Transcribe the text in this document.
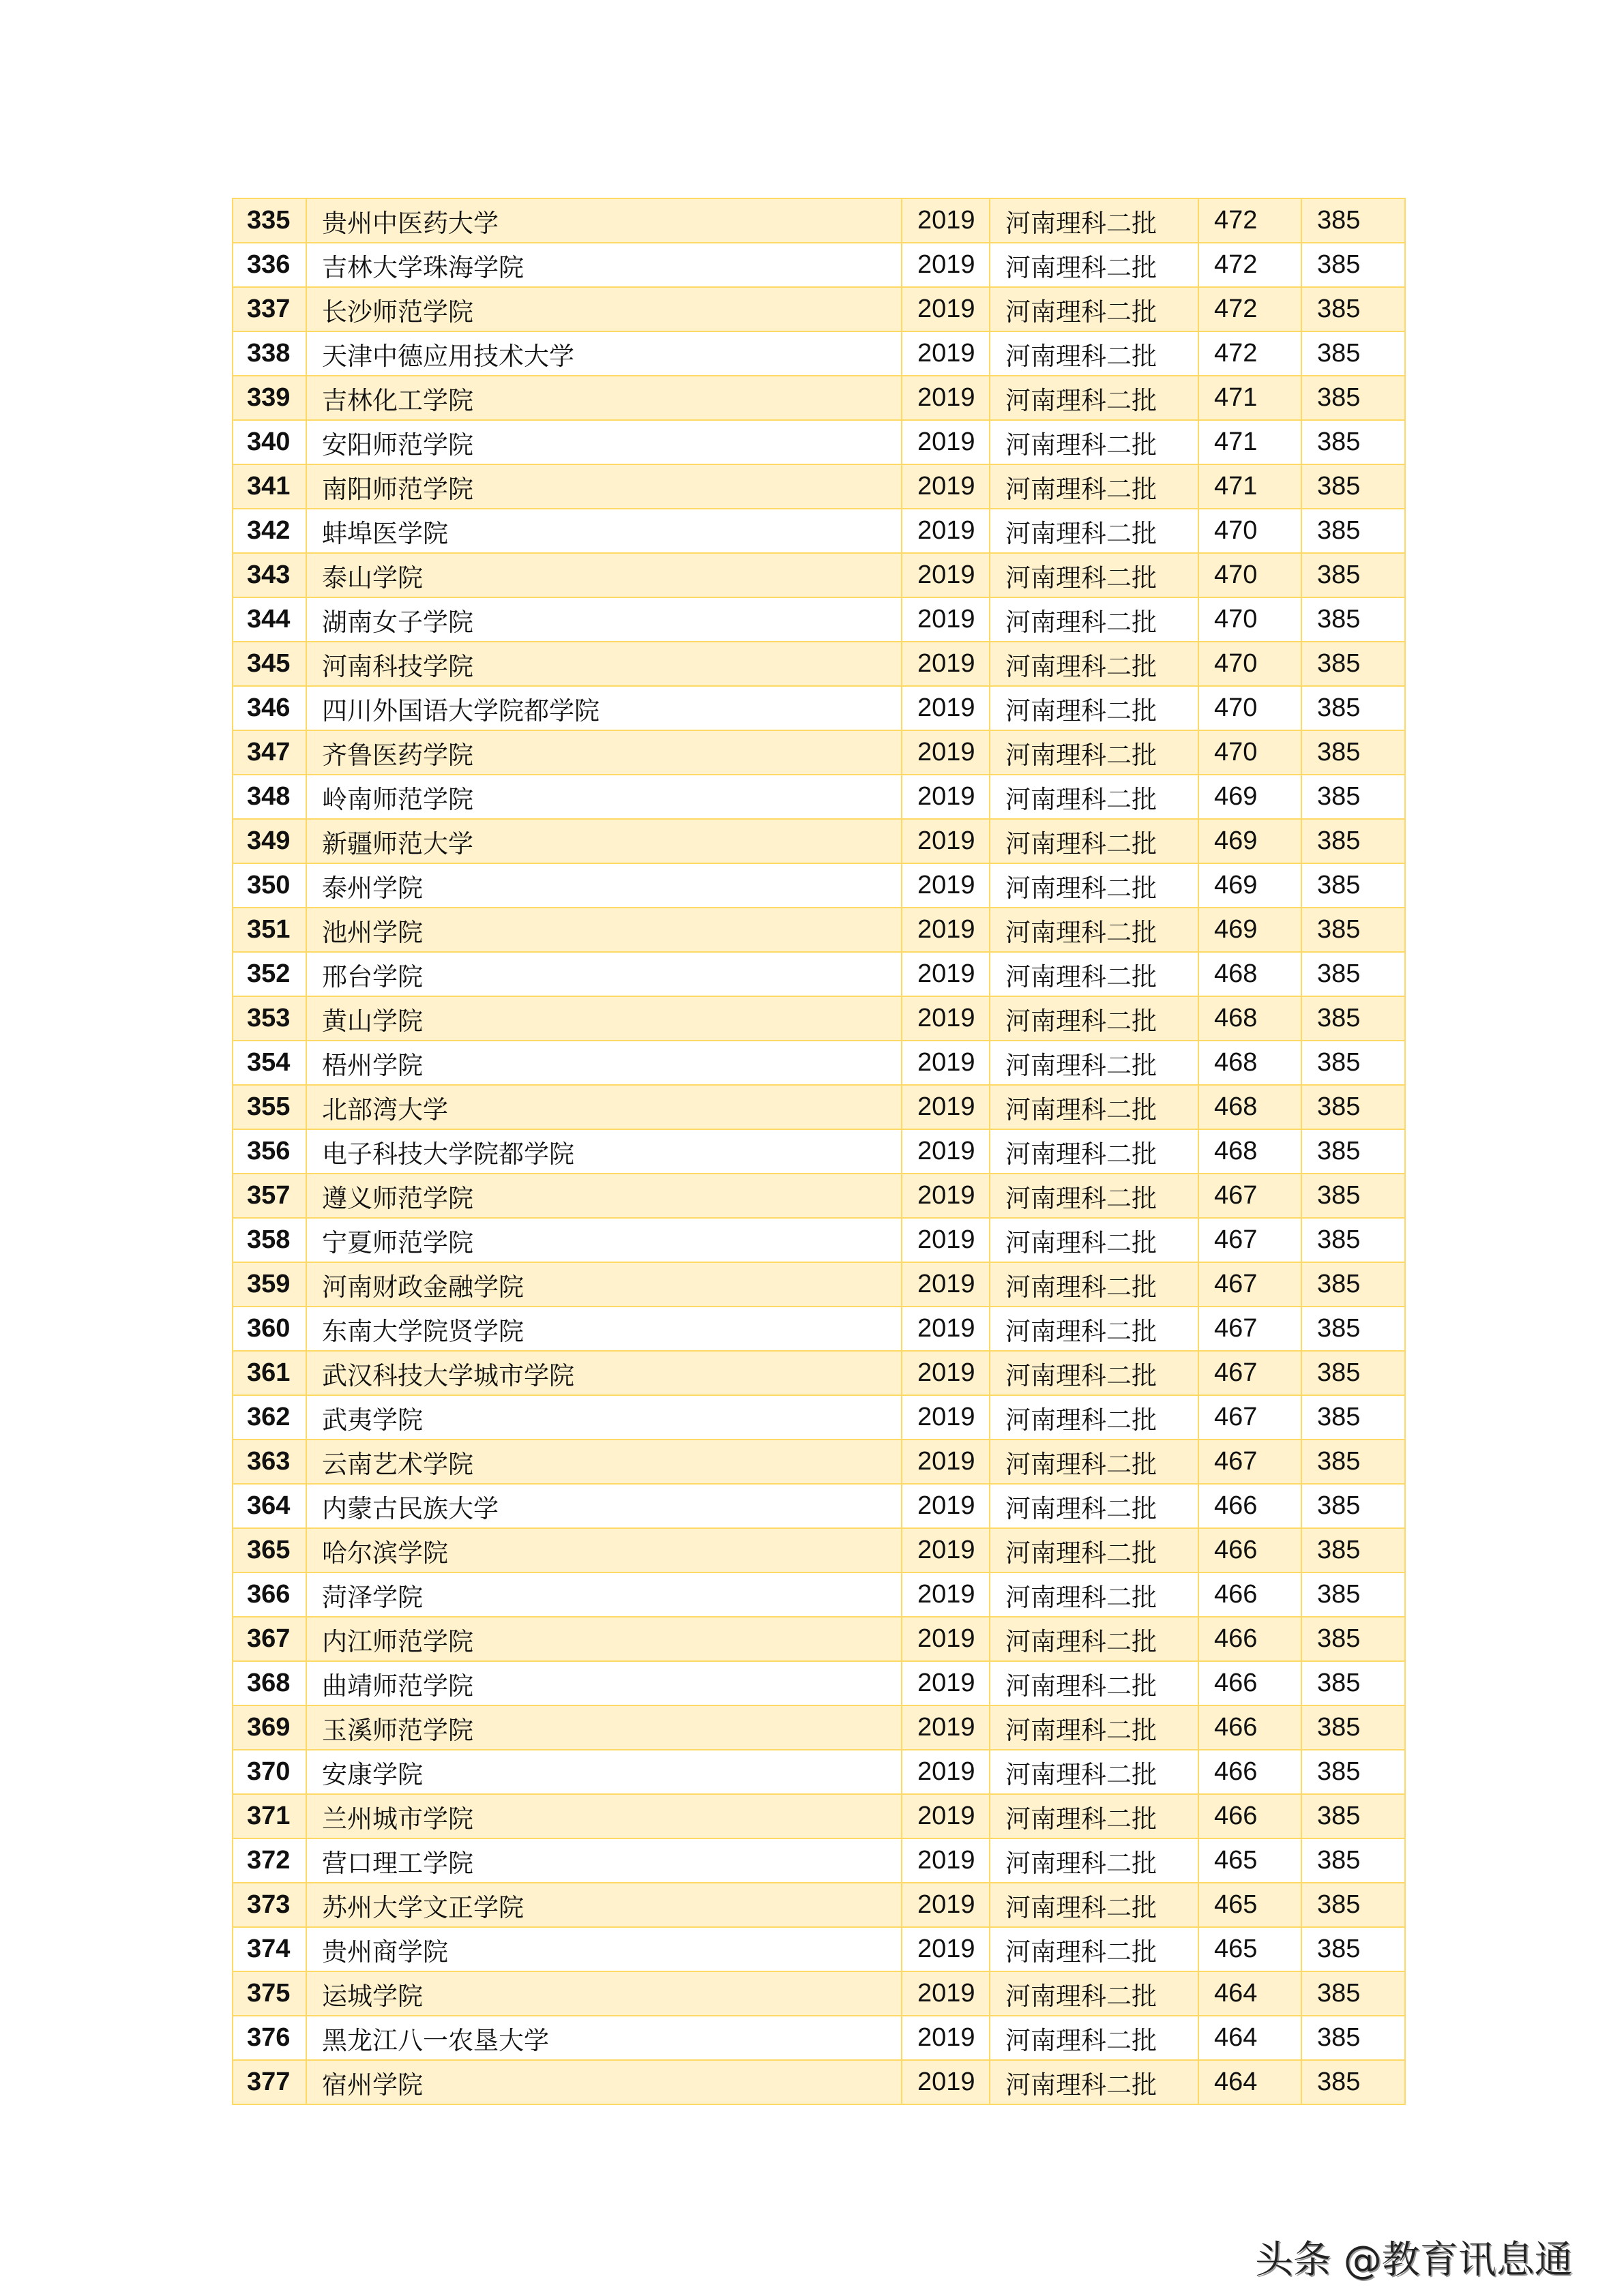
335	贵州中医药大学	2019	河南理科二批	472	385
336	吉林大学珠海学院	2019	河南理科二批	472	385
337	长沙师范学院	2019	河南理科二批	472	385
338	天津中德应用技术大学	2019	河南理科二批	472	385
339	吉林化工学院	2019	河南理科二批	471	385
340	安阳师范学院	2019	河南理科二批	471	385
341	南阳师范学院	2019	河南理科二批	471	385
342	蚌埠医学院	2019	河南理科二批	470	385
343	泰山学院	2019	河南理科二批	470	385
344	湖南女子学院	2019	河南理科二批	470	385
345	河南科技学院	2019	河南理科二批	470	385
346	四川外国语大学院都学院	2019	河南理科二批	470	385
347	齐鲁医药学院	2019	河南理科二批	470	385
348	岭南师范学院	2019	河南理科二批	469	385
349	新疆师范大学	2019	河南理科二批	469	385
350	泰州学院	2019	河南理科二批	469	385
351	池州学院	2019	河南理科二批	469	385
352	邢台学院	2019	河南理科二批	468	385
353	黄山学院	2019	河南理科二批	468	385
354	梧州学院	2019	河南理科二批	468	385
355	北部湾大学	2019	河南理科二批	468	385
356	电子科技大学院都学院	2019	河南理科二批	468	385
357	遵义师范学院	2019	河南理科二批	467	385
358	宁夏师范学院	2019	河南理科二批	467	385
359	河南财政金融学院	2019	河南理科二批	467	385
360	东南大学院贤学院	2019	河南理科二批	467	385
361	武汉科技大学城市学院	2019	河南理科二批	467	385
362	武夷学院	2019	河南理科二批	467	385
363	云南艺术学院	2019	河南理科二批	467	385
364	内蒙古民族大学	2019	河南理科二批	466	385
365	哈尔滨学院	2019	河南理科二批	466	385
366	菏泽学院	2019	河南理科二批	466	385
367	内江师范学院	2019	河南理科二批	466	385
368	曲靖师范学院	2019	河南理科二批	466	385
369	玉溪师范学院	2019	河南理科二批	466	385
370	安康学院	2019	河南理科二批	466	385
371	兰州城市学院	2019	河南理科二批	466	385
372	营口理工学院	2019	河南理科二批	465	385
373	苏州大学文正学院	2019	河南理科二批	465	385
374	贵州商学院	2019	河南理科二批	465	385
375	运城学院	2019	河南理科二批	464	385
376	黑龙江八一农垦大学	2019	河南理科二批	464	385
377	宿州学院	2019	河南理科二批	464	385
头条 @教育讯息通
